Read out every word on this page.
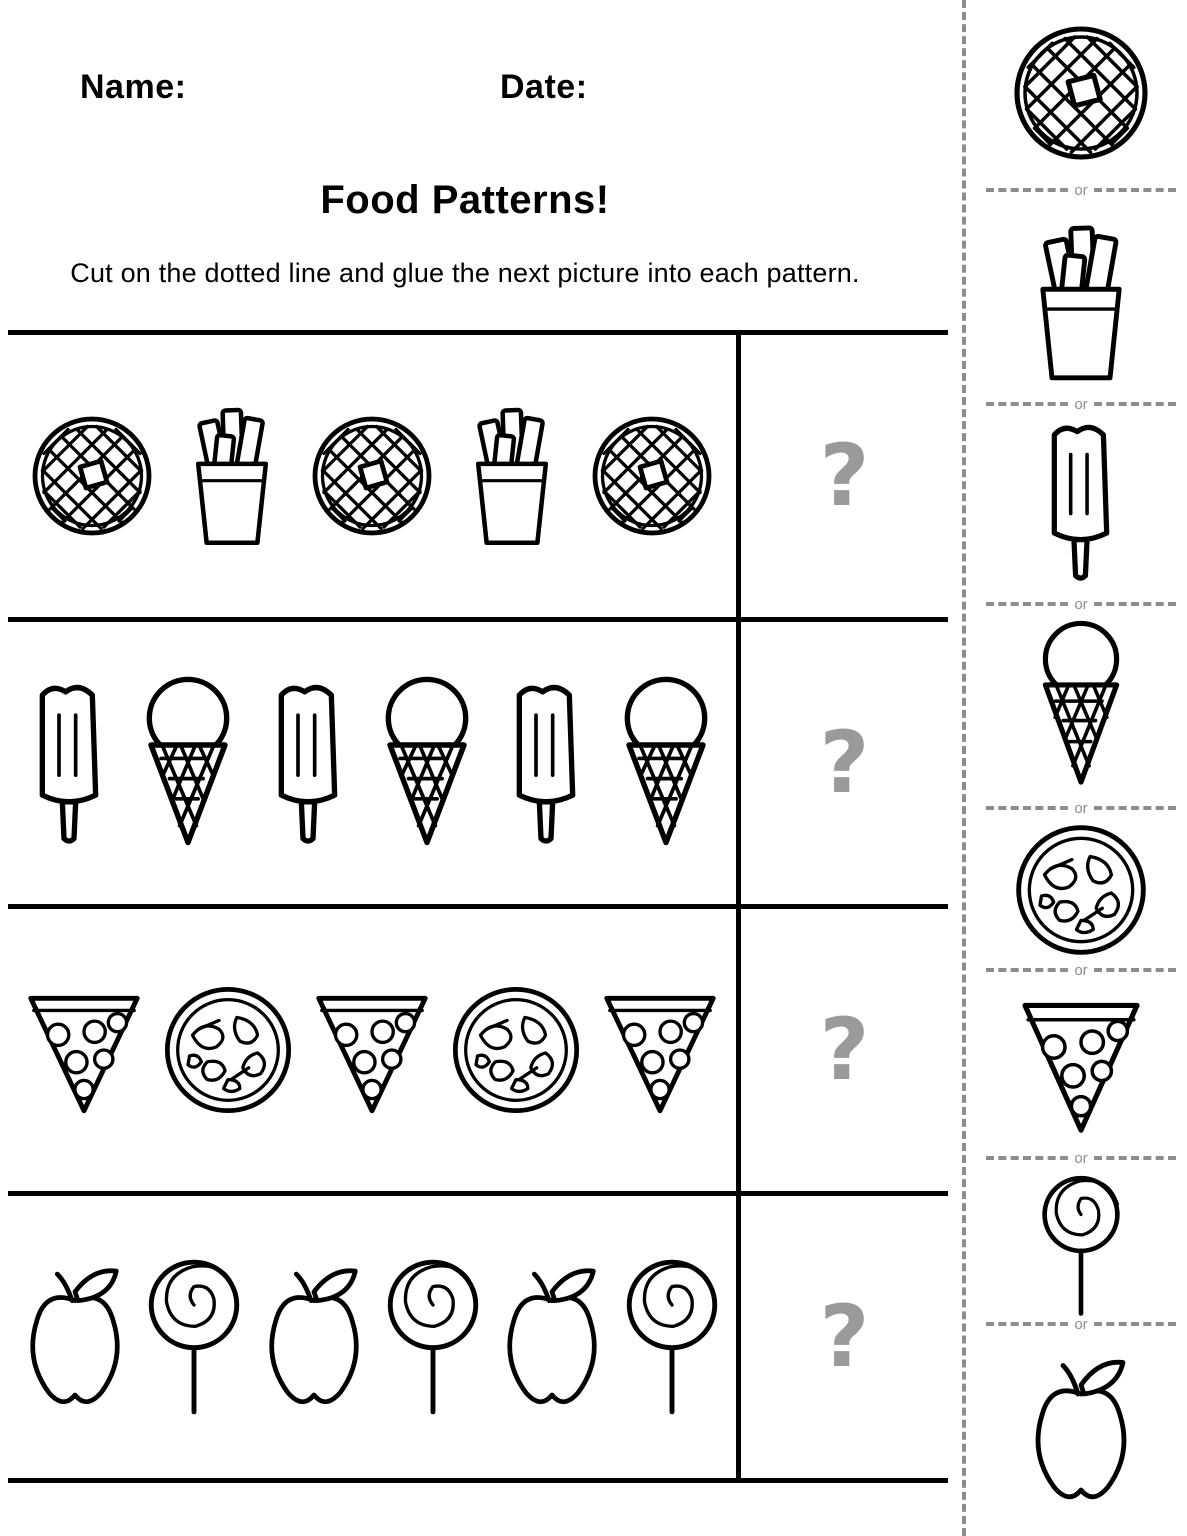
Name:	Date:
Food Patterns!
Cut on the dotted line and glue the next picture into each pattern.
?
?
?
?
or
or
or
or
or
or
or
